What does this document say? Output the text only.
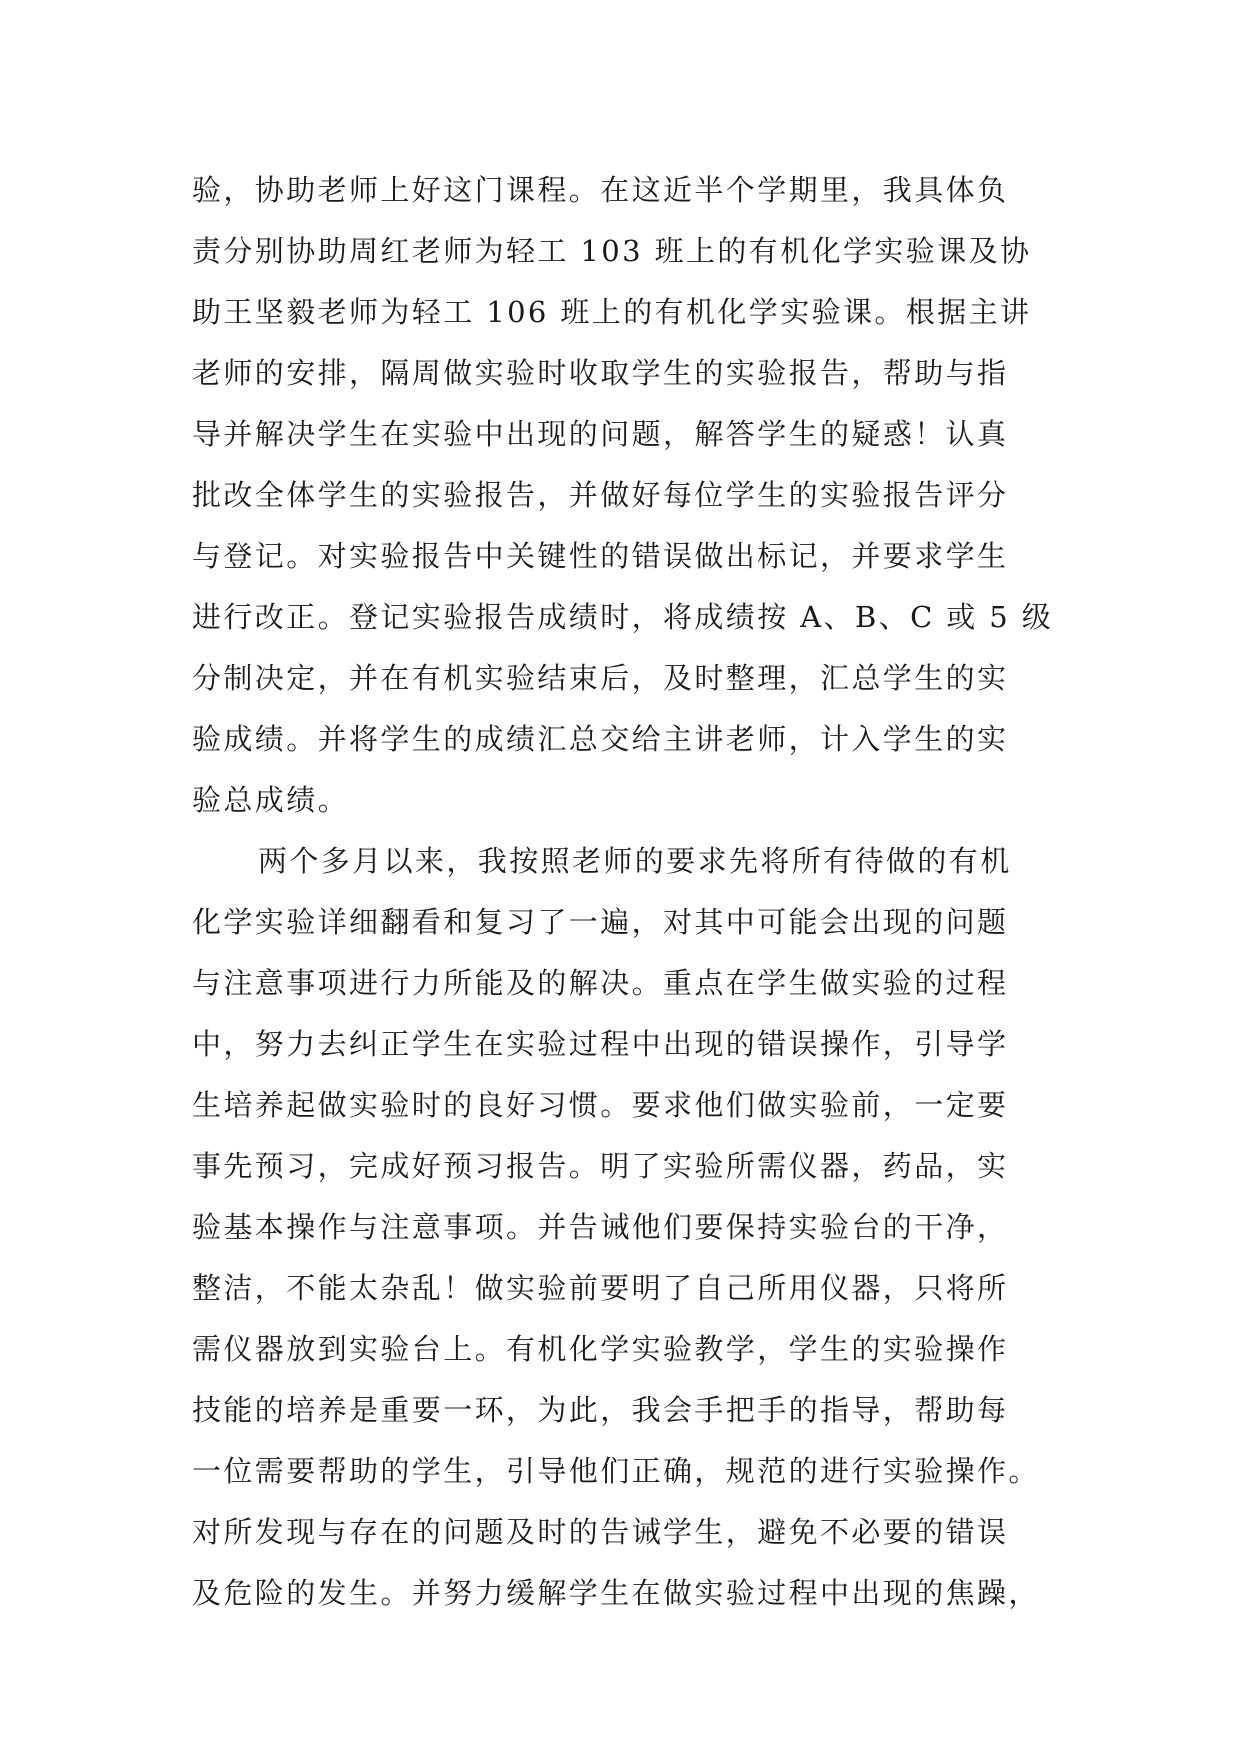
验，协助老师上好这门课程。在这近半个学期里，我具体负
责分别协助周红老师为轻工 103 班上的有机化学实验课及协
助王坚毅老师为轻工 106 班上的有机化学实验课。根据主讲
老师的安排，隔周做实验时收取学生的实验报告，帮助与指
导并解决学生在实验中出现的问题，解答学生的疑惑！认真
批改全体学生的实验报告，并做好每位学生的实验报告评分
与登记。对实验报告中关键性的错误做出标记，并要求学生
进行改正。登记实验报告成绩时，将成绩按 A、B、C 或 5 级
分制决定，并在有机实验结束后，及时整理，汇总学生的实
验成绩。并将学生的成绩汇总交给主讲老师，计入学生的实
验总成绩。
两个多月以来，我按照老师的要求先将所有待做的有机
化学实验详细翻看和复习了一遍，对其中可能会出现的问题
与注意事项进行力所能及的解决。重点在学生做实验的过程
中，努力去纠正学生在实验过程中出现的错误操作，引导学
生培养起做实验时的良好习惯。要求他们做实验前，一定要
事先预习，完成好预习报告。明了实验所需仪器，药品，实
验基本操作与注意事项。并告诫他们要保持实验台的干净，
整洁，不能太杂乱！做实验前要明了自己所用仪器，只将所
需仪器放到实验台上。有机化学实验教学，学生的实验操作
技能的培养是重要一环，为此，我会手把手的指导，帮助每
一位需要帮助的学生，引导他们正确，规范的进行实验操作。
对所发现与存在的问题及时的告诫学生，避免不必要的错误
及危险的发生。并努力缓解学生在做实验过程中出现的焦躁，
